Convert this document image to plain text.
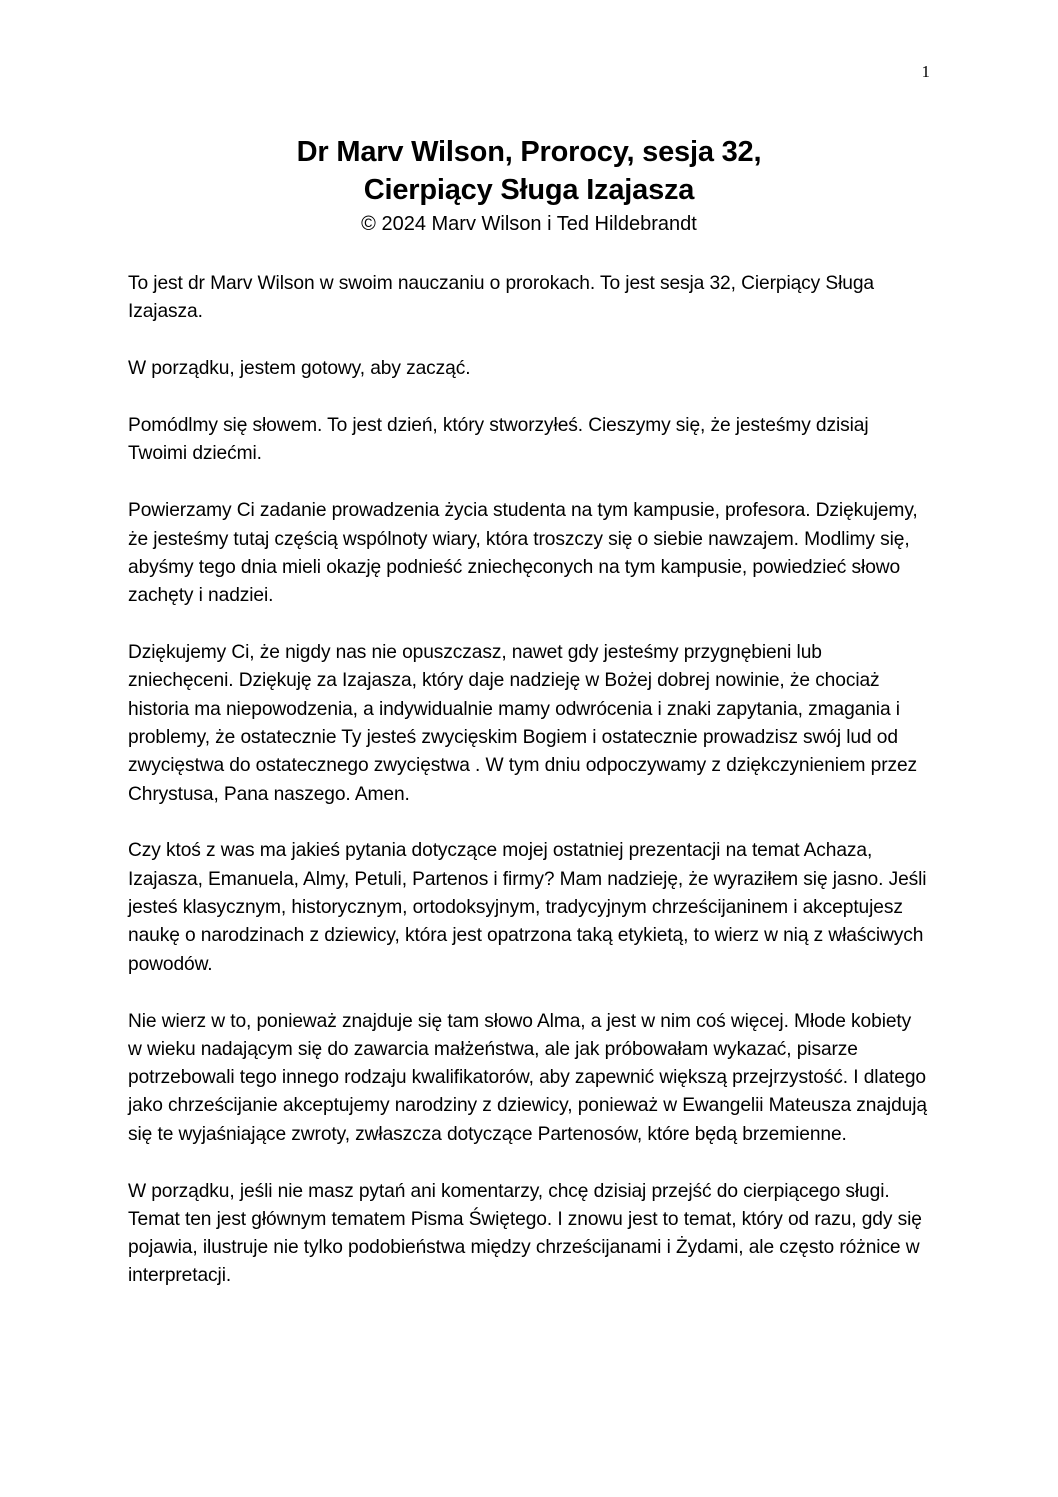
1
Dr Marv Wilson, Prorocy, sesja 32,
Cierpiący Sługa Izajasza
© 2024 Marv Wilson i Ted Hildebrandt

To jest dr Marv Wilson w swoim nauczaniu o prorokach. To jest sesja 32, Cierpiący Sługa Izajasza.

W porządku, jestem gotowy, aby zacząć.

Pomódlmy się słowem. To jest dzień, który stworzyłeś. Cieszymy się, że jesteśmy dzisiaj Twoimi dziećmi.

Powierzamy Ci zadanie prowadzenia życia studenta na tym kampusie, profesora. Dziękujemy, że jesteśmy tutaj częścią wspólnoty wiary, która troszczy się o siebie nawzajem. Modlimy się, abyśmy tego dnia mieli okazję podnieść zniechęconych na tym kampusie, powiedzieć słowo zachęty i nadziei.

Dziękujemy Ci, że nigdy nas nie opuszczasz, nawet gdy jesteśmy przygnębieni lub zniechęceni. Dziękuję za Izajasza, który daje nadzieję w Bożej dobrej nowinie, że chociaż historia ma niepowodzenia, a indywidualnie mamy odwrócenia i znaki zapytania, zmagania i problemy, że ostatecznie Ty jesteś zwycięskim Bogiem i ostatecznie prowadzisz swój lud od zwycięstwa do ostatecznego zwycięstwa . W tym dniu odpoczywamy z dziękczynieniem przez Chrystusa, Pana naszego. Amen.

Czy ktoś z was ma jakieś pytania dotyczące mojej ostatniej prezentacji na temat Achaza, Izajasza, Emanuela, Almy, Petuli, Partenos i firmy? Mam nadzieję, że wyraziłem się jasno. Jeśli jesteś klasycznym, historycznym, ortodoksyjnym, tradycyjnym chrześcijaninem i akceptujesz naukę o narodzinach z dziewicy, która jest opatrzona taką etykietą, to wierz w nią z właściwych powodów.

Nie wierz w to, ponieważ znajduje się tam słowo Alma, a jest w nim coś więcej. Młode kobiety w wieku nadającym się do zawarcia małżeństwa, ale jak próbowałam wykazać, pisarze potrzebowali tego innego rodzaju kwalifikatorów, aby zapewnić większą przejrzystość. I dlatego jako chrześcijanie akceptujemy narodziny z dziewicy, ponieważ w Ewangelii Mateusza znajdują się te wyjaśniające zwroty, zwłaszcza dotyczące Partenosów, które będą brzemienne.

W porządku, jeśli nie masz pytań ani komentarzy, chcę dzisiaj przejść do cierpiącego sługi. Temat ten jest głównym tematem Pisma Świętego. I znowu jest to temat, który od razu, gdy się pojawia, ilustruje nie tylko podobieństwa między chrześcijanami i Żydami, ale często różnice w interpretacji.
